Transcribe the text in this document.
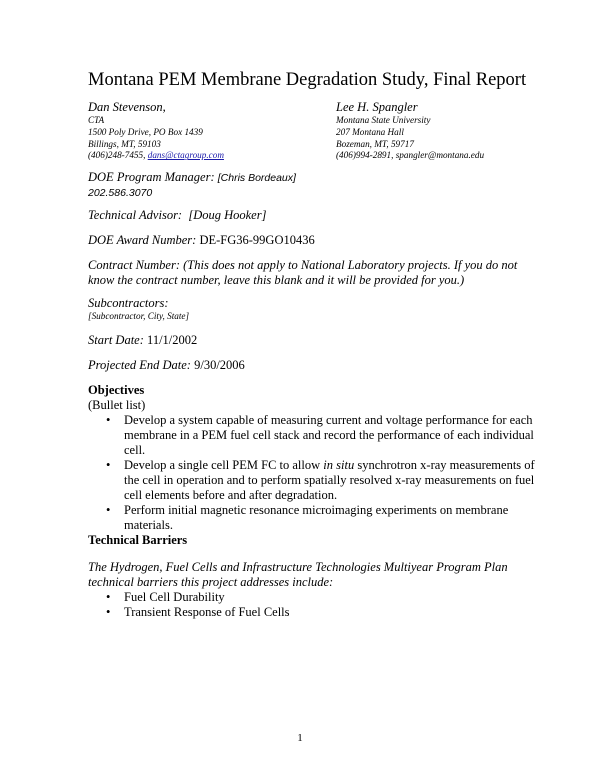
Montana PEM Membrane Degradation Study, Final Report
Dan Stevenson,
CTA
1500 Poly Drive, PO Box 1439
Billings, MT, 59103
(406)248-7455, dans@ctagroup.com
Lee H. Spangler
Montana State University
207 Montana Hall
Bozeman, MT, 59717
(406)994-2891, spangler@montana.edu
DOE Program Manager: [Chris Bordeaux]
202.586.3070
Technical Advisor: [Doug Hooker]
DOE Award Number: DE-FG36-99GO10436
Contract Number: (This does not apply to National Laboratory projects. If you do not
know the contract number, leave this blank and it will be provided for you.)
Subcontractors:
[Subcontractor, City, State]
Start Date: 11/1/2002
Projected End Date: 9/30/2006
Objectives
(Bullet list)
• Develop a system capable of measuring current and voltage performance for each
membrane in a PEM fuel cell stack and record the performance of each individual
cell.
• Develop a single cell PEM FC to allow in situ synchrotron x-ray measurements of
the cell in operation and to perform spatially resolved x-ray measurements on fuel
cell elements before and after degradation.
• Perform initial magnetic resonance microimaging experiments on membrane
materials.
Technical Barriers
The Hydrogen, Fuel Cells and Infrastructure Technologies Multiyear Program Plan
technical barriers this project addresses include:
• Fuel Cell Durability
• Transient Response of Fuel Cells
1
